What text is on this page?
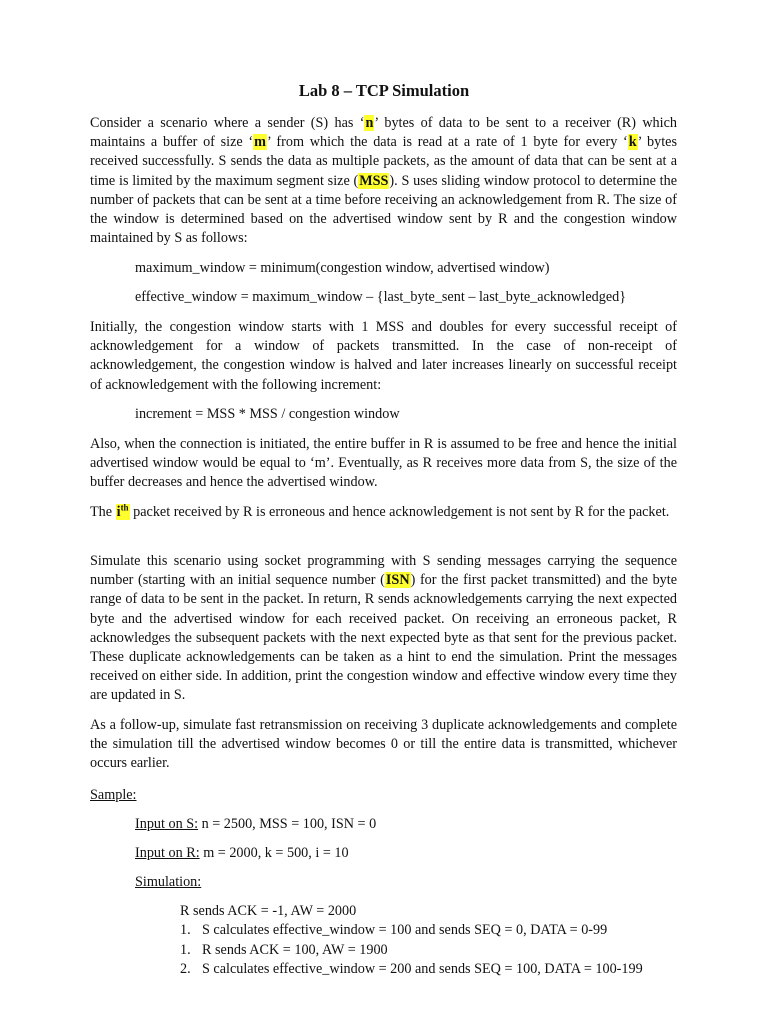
Lab 8 – TCP Simulation

Consider a scenario where a sender (S) has ‘n’ bytes of data to be sent to a receiver (R) which maintains a buffer of size ‘m’ from which the data is read at a rate of 1 byte for every ‘k’ bytes received successfully. S sends the data as multiple packets, as the amount of data that can be sent at a time is limited by the maximum segment size (MSS). S uses sliding window protocol to determine the number of packets that can be sent at a time before receiving an acknowledgement from R. The size of the window is determined based on the advertised window sent by R and the congestion window maintained by S as follows:

maximum_window = minimum(congestion window, advertised window)

effective_window = maximum_window – {last_byte_sent – last_byte_acknowledged}

Initially, the congestion window starts with 1 MSS and doubles for every successful receipt of acknowledgement for a window of packets transmitted. In the case of non-receipt of acknowledgement, the congestion window is halved and later increases linearly on successful receipt of acknowledgement with the following increment:

increment = MSS * MSS / congestion window

Also, when the connection is initiated, the entire buffer in R is assumed to be free and hence the initial advertised window would be equal to ‘m’. Eventually, as R receives more data from S, the size of the buffer decreases and hence the advertised window.

The $i^{th}$ packet received by R is erroneous and hence acknowledgement is not sent by R for the packet.

Simulate this scenario using socket programming with S sending messages carrying the sequence number (starting with an initial sequence number (ISN) for the first packet transmitted) and the byte range of data to be sent in the packet. In return, R sends acknowledgements carrying the next expected byte and the advertised window for each received packet. On receiving an erroneous packet, R acknowledges the subsequent packets with the next expected byte as that sent for the previous packet. These duplicate acknowledgements can be taken as a hint to end the simulation. Print the messages received on either side. In addition, print the congestion window and effective window every time they are updated in S.

As a follow-up, simulate fast retransmission on receiving 3 duplicate acknowledgements and complete the simulation till the advertised window becomes 0 or till the entire data is transmitted, whichever occurs earlier.

Sample:
Input on S: n = 2500, MSS = 100, ISN = 0
Input on R: m = 2000, k = 500, i = 10
Simulation:
R sends ACK = -1, AW = 2000
1. S calculates effective_window = 100 and sends SEQ = 0, DATA = 0-99
1. R sends ACK = 100, AW = 1900
2. S calculates effective_window = 200 and sends SEQ = 100, DATA = 100-199
